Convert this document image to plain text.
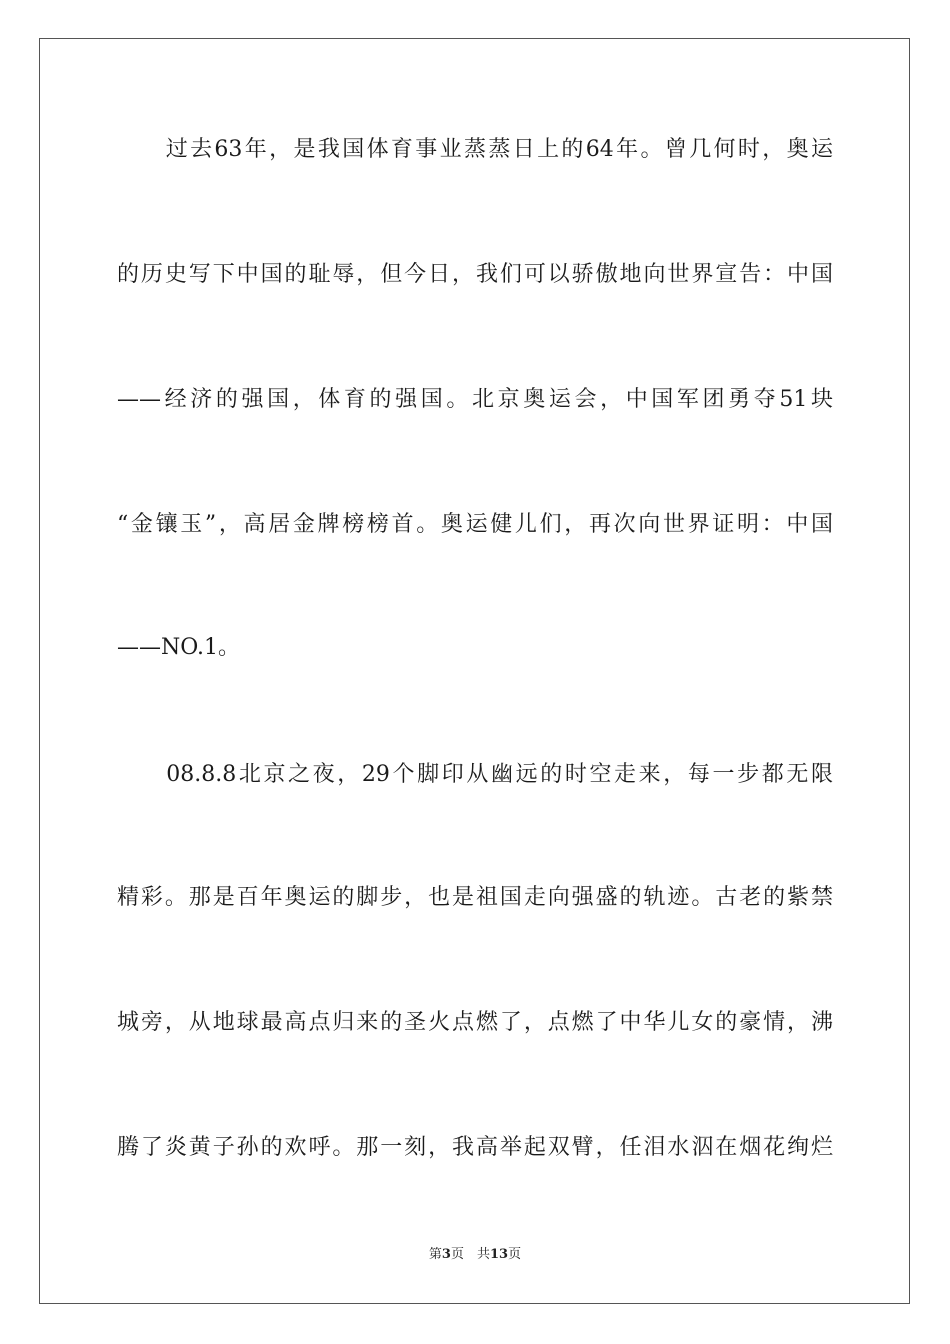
　　过去63年，是我国体育事业蒸蒸日上的64年。曾几何时，奥运
的历史写下中国的耻辱，但今日，我们可以骄傲地向世界宣告：中国
——经济的强国，体育的强国。北京奥运会，中国军团勇夺51块
“金镶玉”，高居金牌榜榜首。奥运健儿们，再次向世界证明：中国
——NO.1。
　　08.8.8北京之夜，29个脚印从幽远的时空走来，每一步都无限
精彩。那是百年奥运的脚步，也是祖国走向强盛的轨迹。古老的紫禁
城旁，从地球最高点归来的圣火点燃了，点燃了中华儿女的豪情，沸
腾了炎黄子孙的欢呼。那一刻，我高举起双臂，任泪水泅在烟花绚烂
第3页　共13页
